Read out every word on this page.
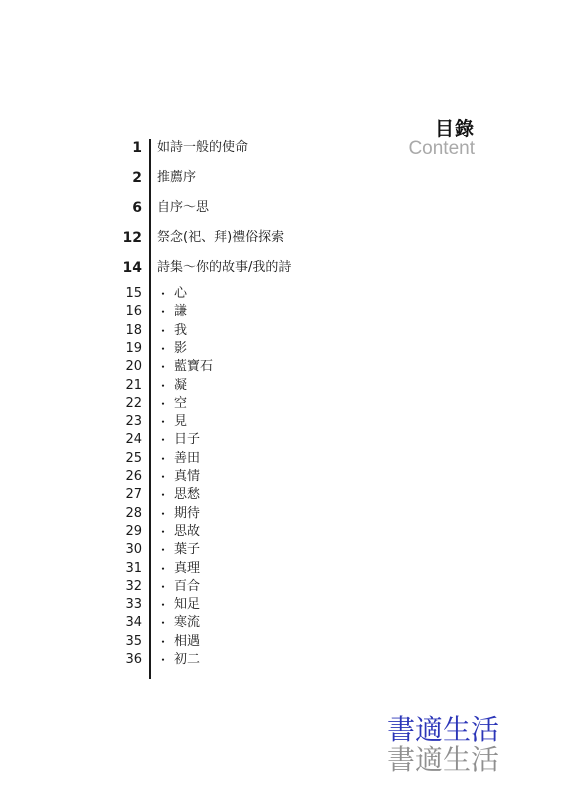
目錄
Content
1 如詩一般的使命
2 推薦序
6 自序～思
12 祭念(祀、拜)禮俗探索
14 詩集～你的故事/我的詩
15 ・ 心
16 ・ 謙
18 ・ 我
19 ・ 影
20 ・ 藍寶石
21 ・ 凝
22 ・ 空
23 ・ 見
24 ・ 日子
25 ・ 善田
26 ・ 真情
27 ・ 思愁
28 ・ 期待
29 ・ 思故
30 ・ 葉子
31 ・ 真理
32 ・ 百合
33 ・ 知足
34 ・ 寒流
35 ・ 相遇
36 ・ 初二
書適生活
書適生活
